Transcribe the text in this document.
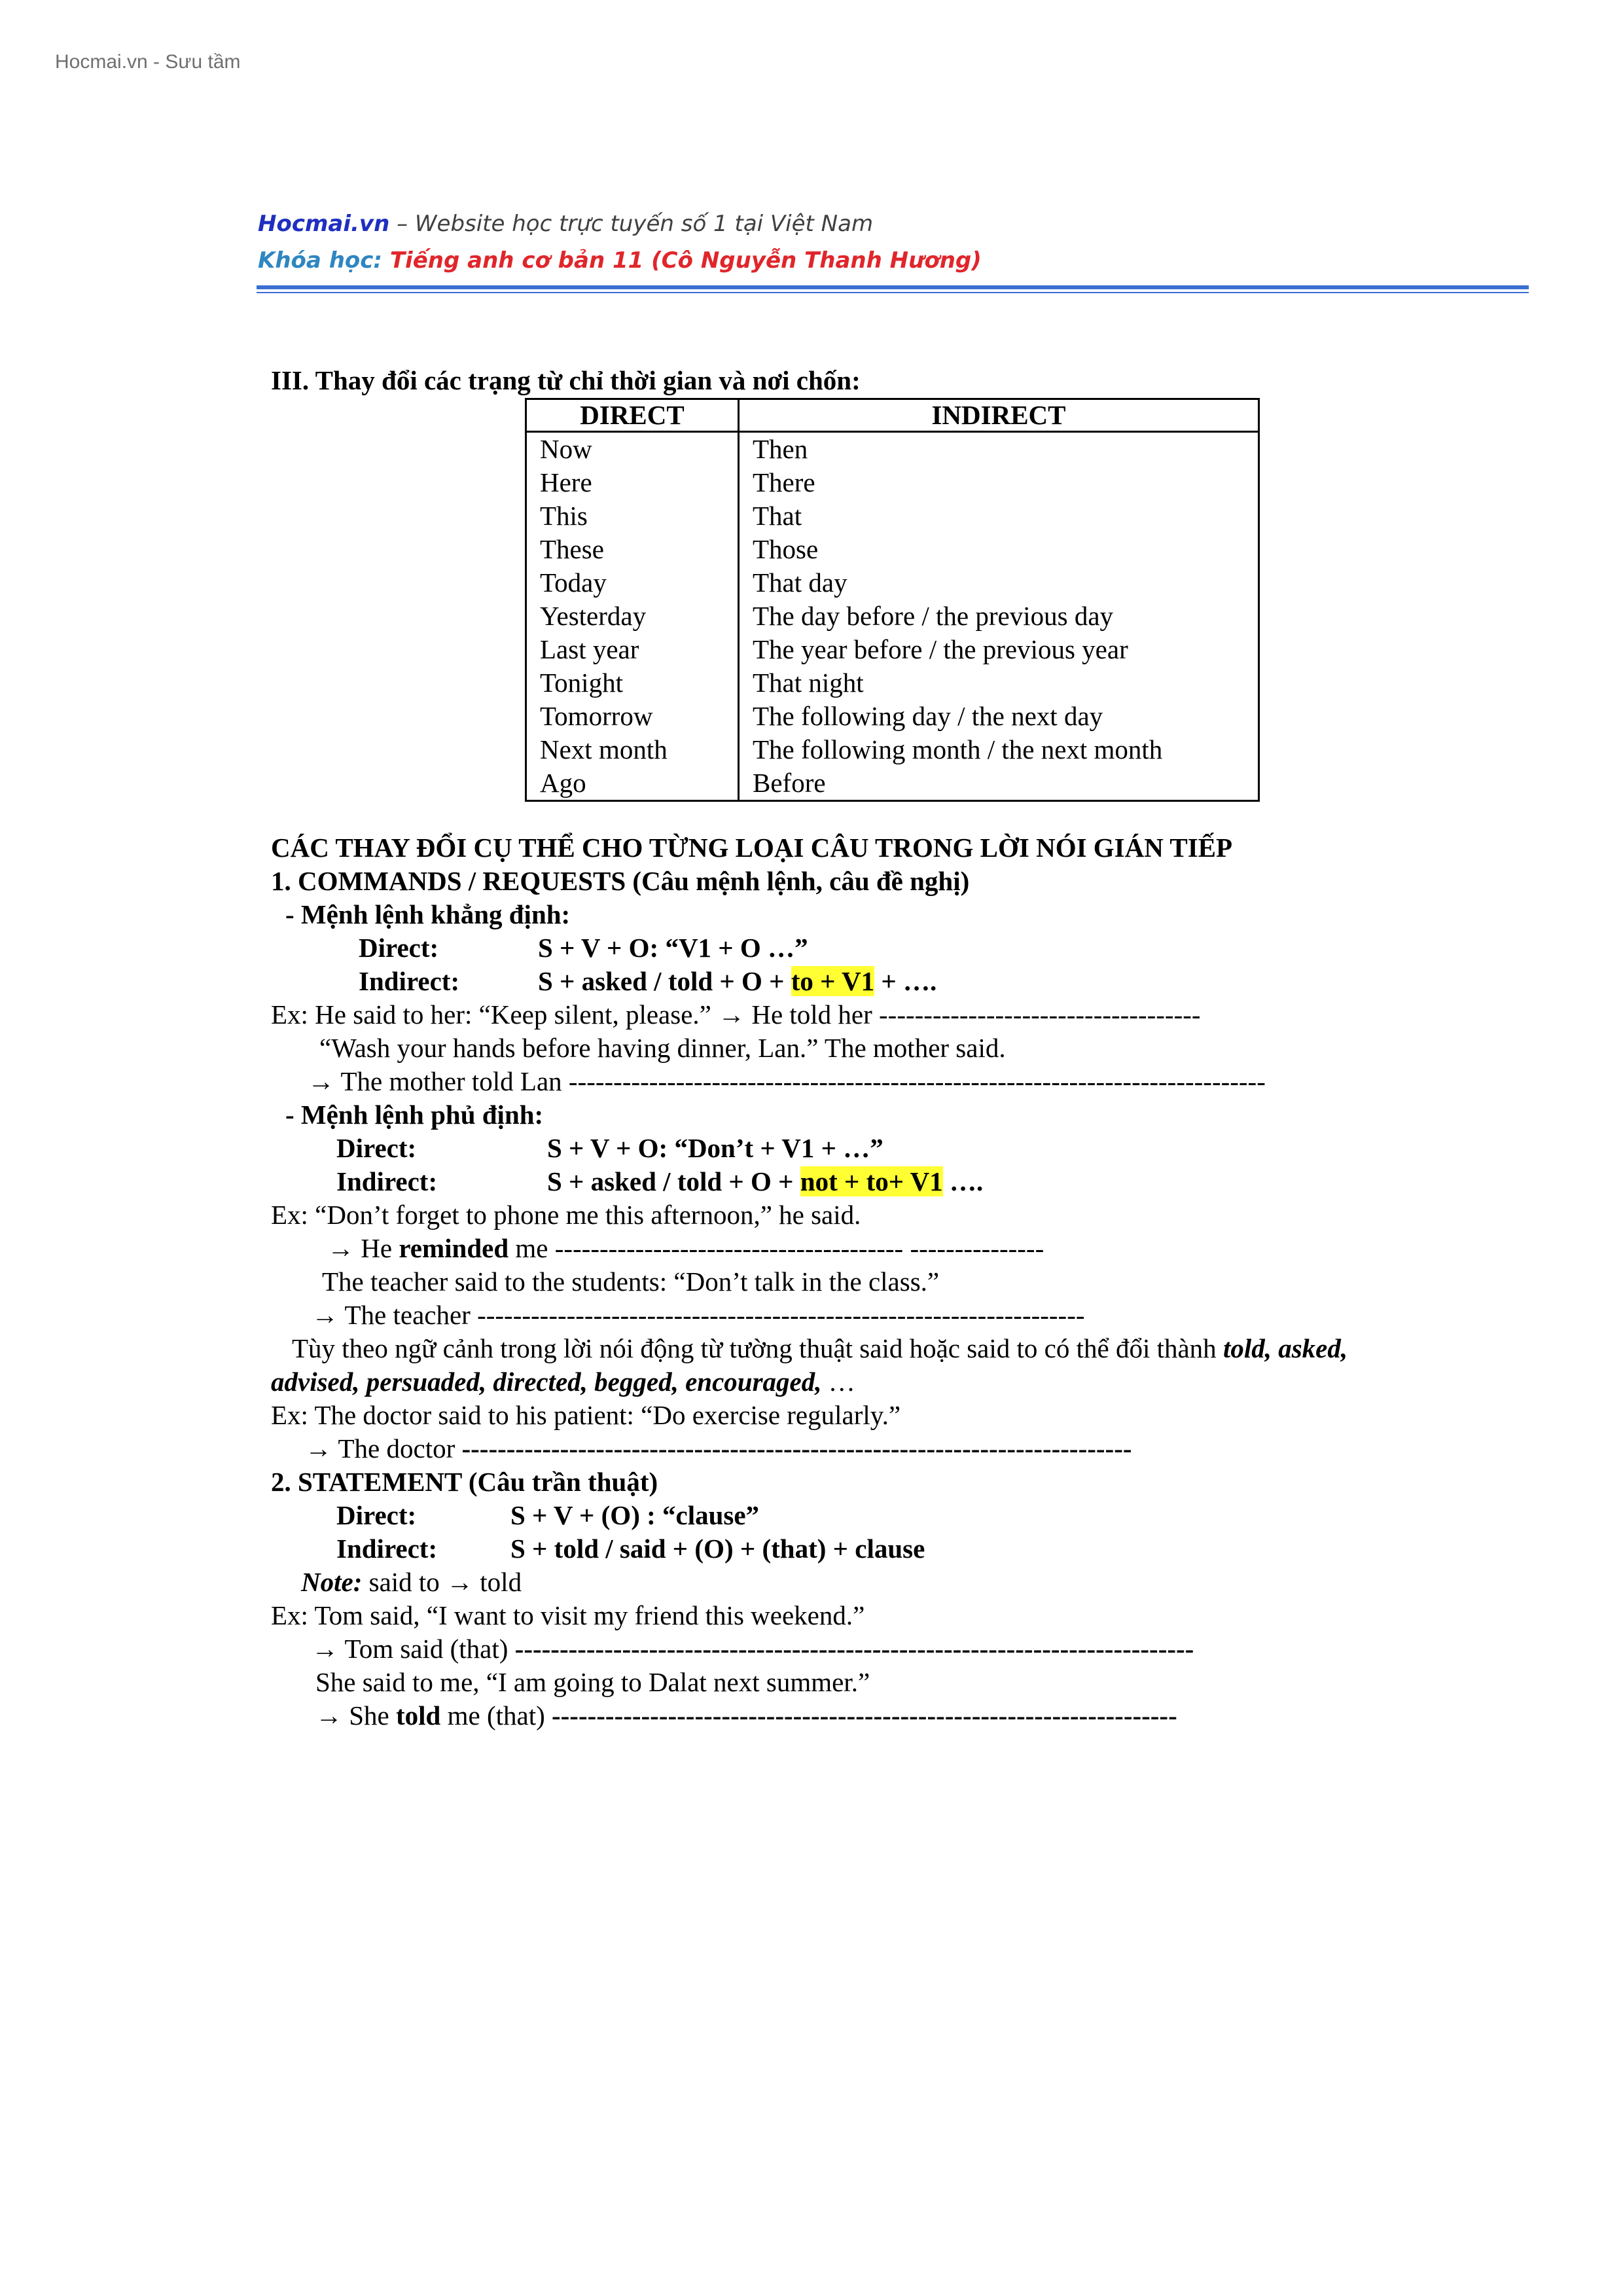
Hocmai.vn - Sưu tầm
Hocmai.vn – Website học trực tuyến số 1 tại Việt Nam
Khóa học: Tiếng anh cơ bản 11 (Cô Nguyễn Thanh Hương)
III. Thay đổi các trạng từ chỉ thời gian và nơi chốn:
DIRECT	INDIRECT
Now	Then
Here	There
This	That
These	Those
Today	That day
Yesterday	The day before / the previous day
Last year	The year before / the previous year
Tonight	That night
Tomorrow	The following day / the next day
Next month	The following month / the next month
Ago	Before
CÁC THAY ĐỔI CỤ THỂ CHO TỪNG LOẠI CÂU TRONG LỜI NÓI GIÁN TIẾP
1. COMMANDS / REQUESTS (Câu mệnh lệnh, câu đề nghị)
- Mệnh lệnh khẳng định:
Direct:	S + V + O: “V1 + O …”
Indirect:	S + asked / told + O + to + V1 + ….
Ex: He said to her: “Keep silent, please.” → He told her ------------------------------------
“Wash your hands before having dinner, Lan.” The mother said.
→ The mother told Lan ------------------------------------------------------------------------------
- Mệnh lệnh phủ định:
Direct:	S + V + O: “Don’t + V1 + …”
Indirect:	S + asked / told + O + not + to+ V1 ….
Ex: “Don’t forget to phone me this afternoon,” he said.
→ He reminded me --------------------------------------- ---------------
The teacher said to the students: “Don’t talk in the class.”
→ The teacher --------------------------------------------------------------------
Tùy theo ngữ cảnh trong lời nói động từ tường thuật said hoặc said to có thể đổi thành told, asked,
advised, persuaded, directed, begged, encouraged, …
Ex: The doctor said to his patient: “Do exercise regularly.”
→ The doctor ---------------------------------------------------------------------------
2. STATEMENT (Câu trần thuật)
Direct:	S + V + (O) : “clause”
Indirect:	S + told / said + (O) + (that) + clause
Note: said to → told
Ex: Tom said, “I want to visit my friend this weekend.”
→ Tom said (that) ----------------------------------------------------------------------------
She said to me, “I am going to Dalat next summer.”
→ She told me (that) ----------------------------------------------------------------------
